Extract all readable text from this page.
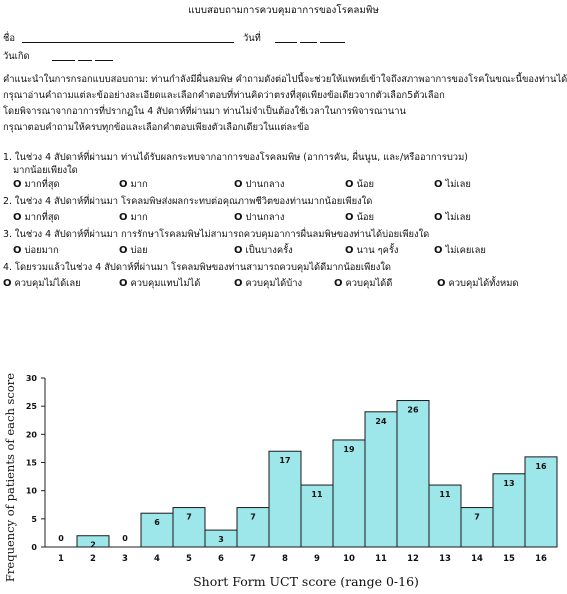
แบบสอบถามการควบคุมอาการของโรคลมพิษ
ชื่อ	วันที่
วันเกิด
คำแนะนำในการกรอกแบบสอบถาม: ท่านกำลังมีผื่นลมพิษ คำถามดังต่อไปนี้จะช่วยให้แพทย์เข้าใจถึงสภาพอาการของโรคในขณะนี้ของท่านได้
กรุณาอ่านคำถามแต่ละข้ออย่างละเอียดและเลือกคำตอบที่ท่านคิดว่าตรงที่สุดเพียงข้อเดียวจากตัวเลือก5ตัวเลือก
โดยพิจารณาจากอาการที่ปรากฏใน 4 สัปดาห์ที่ผ่านมา ท่านไม่จำเป็นต้องใช้เวลาในการพิจารณานาน
กรุณาตอบคำถามให้ครบทุกข้อและเลือกคำตอบเพียงตัวเลือกเดียวในแต่ละข้อ
1. ในช่วง 4 สัปดาห์ที่ผ่านมา ท่านได้รับผลกระทบจากอาการของโรคลมพิษ (อาการคัน, ผื่นนูน, และ/หรืออาการบวม)
มากน้อยเพียงใด
O มากที่สุด	O มาก	O ปานกลาง	O น้อย	O ไม่เลย
2. ในช่วง 4 สัปดาห์ที่ผ่านมา โรคลมพิษส่งผลกระทบต่อคุณภาพชีวิตของท่านมากน้อยเพียงใด
O มากที่สุด	O มาก	O ปานกลาง	O น้อย	O ไม่เลย
3. ในช่วง 4 สัปดาห์ที่ผ่านมา การรักษาโรคลมพิษไม่สามารถควบคุมอาการผื่นลมพิษของท่านได้บ่อยเพียงใด
O บ่อยมาก	O บ่อย	O เป็นบางครั้ง	O นาน ๆครั้ง	O ไม่เคยเลย
4. โดยรวมแล้วในช่วง 4 สัปดาห์ที่ผ่านมา โรคลมพิษของท่านสามารถควบคุมได้ดีมากน้อยเพียงใด
O ควบคุมไม่ได้เลย	O ควบคุมแทบไม่ได้	O ควบคุมได้บ้าง	O ควบคุมได้ดี	O ควบคุมได้ทั้งหมด
0
5
10
15
20
25
30
0
1
2
2
0
3
6
4
7
5
3
6
7
7
17
8
11
9
19
10
24
11
26
12
11
13
7
14
13
15
16
16
Short Form UCT score (range 0-16)
Frequency of patients of each score
